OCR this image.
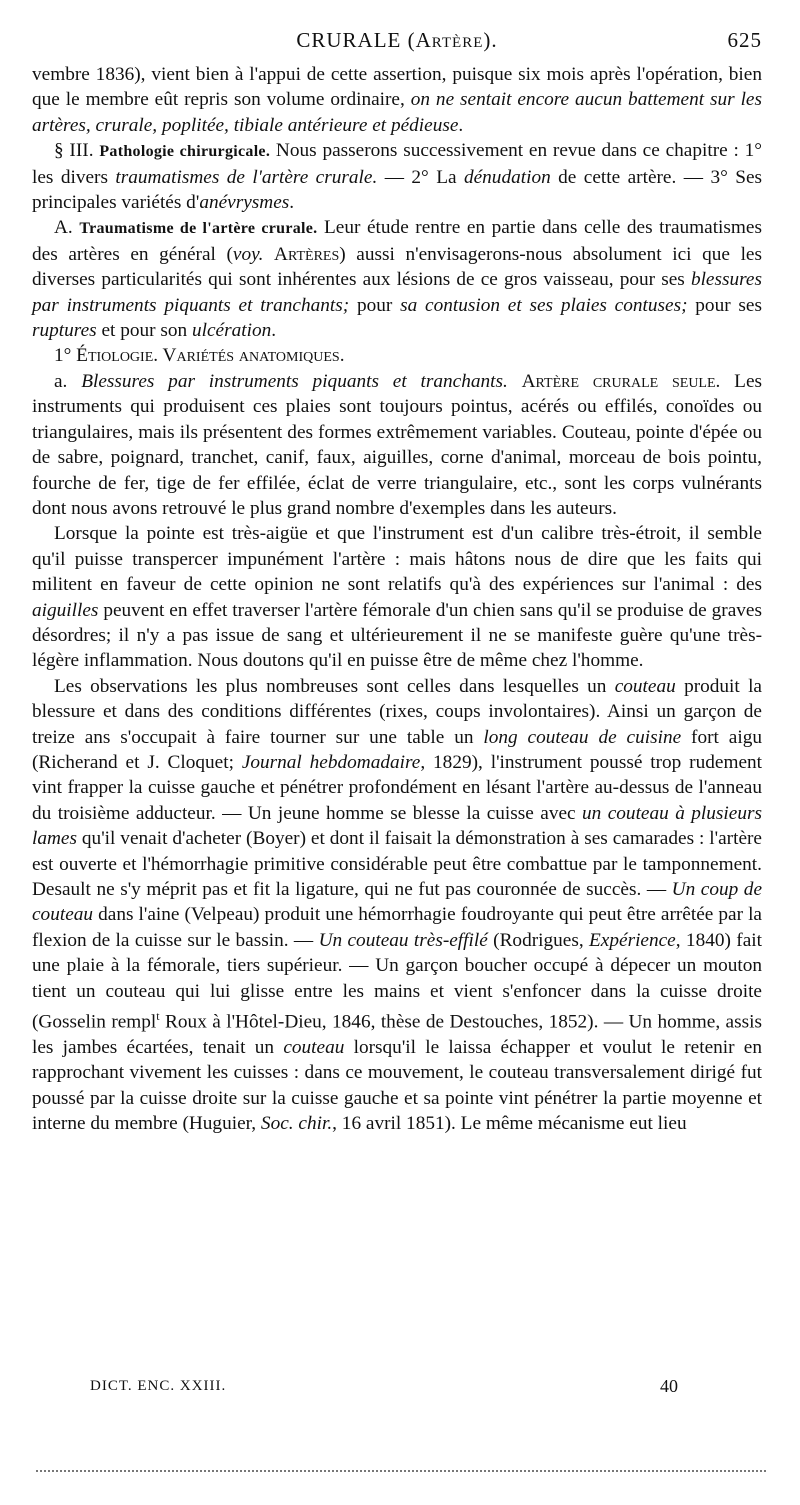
CRURALE (Artère).	625

vembre 1836), vient bien à l'appui de cette assertion, puisque six mois après l'opération, bien que le membre eût repris son volume ordinaire, on ne sentait encore aucun battement sur les artères, crurale, poplitée, tibiale antérieure et pédieuse.

§ III. Pathologie chirurgicale. Nous passerons successivement en revue dans ce chapitre : 1° les divers traumatismes de l'artère crurale. — 2° La dénudation de cette artère. — 3° Ses principales variétés d'anévrysmes.

A. Traumatisme de l'artère crurale. Leur étude rentre en partie dans celle des traumatismes des artères en général (voy. Artères) aussi n'envisagerons-nous absolument ici que les diverses particularités qui sont inhérentes aux lésions de ce gros vaisseau, pour ses blessures par instruments piquants et tranchants; pour sa contusion et ses plaies contuses; pour ses ruptures et pour son ulcération.

1° Étiologie. Variétés anatomiques.

a. Blessures par instruments piquants et tranchants. Artère crurale seule. Les instruments qui produisent ces plaies sont toujours pointus, acérés ou effilés, conoïdes ou triangulaires, mais ils présentent des formes extrêmement variables. Couteau, pointe d'épée ou de sabre, poignard, tranchet, canif, faux, aiguilles, corne d'animal, morceau de bois pointu, fourche de fer, tige de fer effilée, éclat de verre triangulaire, etc., sont les corps vulnérants dont nous avons retrouvé le plus grand nombre d'exemples dans les auteurs.

Lorsque la pointe est très-aigüe et que l'instrument est d'un calibre très-étroit, il semble qu'il puisse transpercer impunément l'artère : mais hâtons nous de dire que les faits qui militent en faveur de cette opinion ne sont relatifs qu'à des expériences sur l'animal : des aiguilles peuvent en effet traverser l'artère fémorale d'un chien sans qu'il se produise de graves désordres; il n'y a pas issue de sang et ultérieurement il ne se manifeste guère qu'une très-légère inflammation. Nous doutons qu'il en puisse être de même chez l'homme.

Les observations les plus nombreuses sont celles dans lesquelles un couteau produit la blessure et dans des conditions différentes (rixes, coups involontaires). Ainsi un garçon de treize ans s'occupait à faire tourner sur une table un long couteau de cuisine fort aigu (Richerand et J. Cloquet; Journal hebdomadaire, 1829), l'instrument poussé trop rudement vint frapper la cuisse gauche et pénétrer profondément en lésant l'artère au-dessus de l'anneau du troisième adducteur. — Un jeune homme se blesse la cuisse avec un couteau à plusieurs lames qu'il venait d'acheter (Boyer) et dont il faisait la démonstration à ses camarades : l'artère est ouverte et l'hémorrhagie primitive considérable peut être combattue par le tamponnement. Desault ne s'y méprit pas et fit la ligature, qui ne fut pas couronnée de succès. — Un coup de couteau dans l'aine (Velpeau) produit une hémorrhagie foudroyante qui peut être arrêtée par la flexion de la cuisse sur le bassin. — Un couteau très-effilé (Rodrigues, Expérience, 1840) fait une plaie à la fémorale, tiers supérieur. — Un garçon boucher occupé à dépecer un mouton tient un couteau qui lui glisse entre les mains et vient s'enfoncer dans la cuisse droite (Gosselin rempl$^t$ Roux à l'Hôtel-Dieu, 1846, thèse de Destouches, 1852). — Un homme, assis les jambes écartées, tenait un couteau lorsqu'il le laissa échapper et voulut le retenir en rapprochant vivement les cuisses : dans ce mouvement, le couteau transversalement dirigé fut poussé par la cuisse droite sur la cuisse gauche et sa pointe vint pénétrer la partie moyenne et interne du membre (Huguier, Soc. chir., 16 avril 1851). Le même mécanisme eut lieu

DICT. ENC. XXIII.	40
